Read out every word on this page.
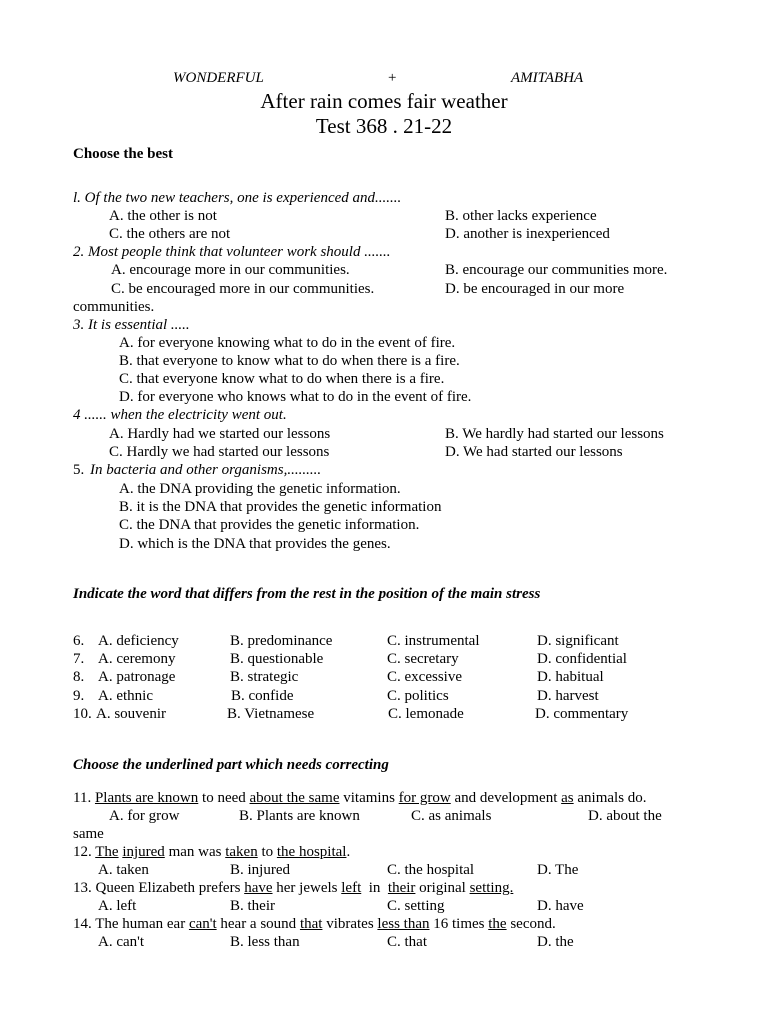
WONDERFUL	+	AMITABHA
After rain comes fair weather
Test 368 . 21-22
Choose the best
l. Of the two new teachers, one is experienced and.......
A. the other is not	B. other lacks experience
C. the others are not	D. another is inexperienced
2. Most people think that volunteer work should .......
A. encourage more in our communities.	B. encourage our communities more.
C. be encouraged more in our communities.	D. be encouraged in our more
communities.
3. It is essential .....
A. for everyone knowing what to do in the event of fire.
B. that everyone to know what to do when there is a fire.
C. that everyone know what to do when there is a fire.
D. for everyone who knows what to do in the event of fire.
4 ...... when the electricity went out.
A. Hardly had we started our lessons	B. We hardly had started our lessons
C. Hardly we had started our lessons	D. We had started our lessons
5. In bacteria and other organisms,.........
A. the DNA providing the genetic information.
B. it is the DNA that provides the genetic information
C. the DNA that provides the genetic information.
D. which is the DNA that provides the genes.
Indicate the word that differs from the rest in the position of the main stress
6. A. deficiency	B. predominance	C. instrumental	D. significant
7. A. ceremony	B. questionable	C. secretary	D. confidential
8. A. patronage	B. strategic	C. excessive	D. habitual
9. A. ethnic	B. confide	C. politics	D. harvest
10. A. souvenir	B. Vietnamese	C. lemonade	D. commentary
Choose the underlined part which needs correcting
11. Plants are known to need about the same vitamins for grow and development as animals do.
A. for grow	B. Plants are known	C. as animals	D. about the
same
12. The injured man was taken to the hospital.
A. taken	B. injured	C. the hospital	D. The
13. Queen Elizabeth prefers have her jewels left  in  their original setting.
A. left	B. their	C. setting	D. have
14. The human ear can't hear a sound that vibrates less than 16 times the second.
A. can't	B. less than	C. that	D. the
